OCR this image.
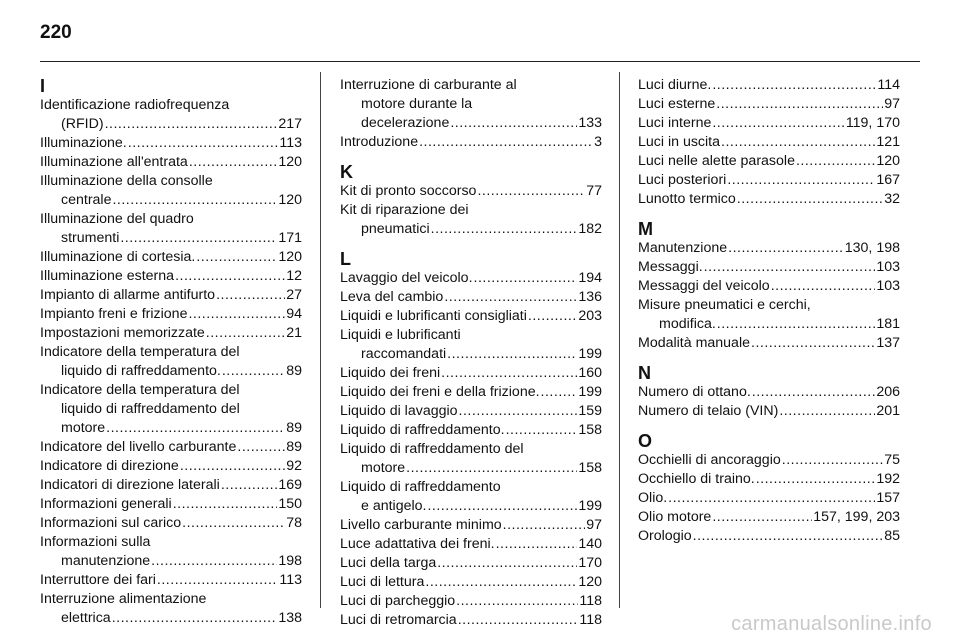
220
I
Identificazione radiofrequenza
(RFID) .....	217
Illuminazione. .....	113
Illuminazione all'entrata .....	120
Illuminazione della consolle
centrale .....	120
Illuminazione del quadro
strumenti .....	171
Illuminazione di cortesia. .....	120
Illuminazione esterna .....	12
Impianto di allarme antifurto .....	27
Impianto freni e frizione .....	94
Impostazioni memorizzate .....	21
Indicatore della temperatura del
liquido di raffreddamento. .....	89
Indicatore della temperatura del
liquido di raffreddamento del
motore .....	89
Indicatore del livello carburante .....	89
Indicatore di direzione .....	92
Indicatori di direzione laterali .....	169
Informazioni generali .....	150
Informazioni sul carico .....	78
Informazioni sulla
manutenzione .....	198
Interruttore dei fari .....	113
Interruzione alimentazione
elettrica .....	138
Interruzione di carburante al
motore durante la
decelerazione .....	133
Introduzione .....	3
K
Kit di pronto soccorso .....	77
Kit di riparazione dei
pneumatici .....	182
L
Lavaggio del veicolo. .....	194
Leva del cambio .....	136
Liquidi e lubrificanti consigliati .....	203
Liquidi e lubrificanti
raccomandati .....	199
Liquido dei freni .....	160
Liquido dei freni e della frizione. .....	199
Liquido di lavaggio .....	159
Liquido di raffreddamento. .....	158
Liquido di raffreddamento del
motore .....	158
Liquido di raffreddamento
e antigelo. .....	199
Livello carburante minimo .....	97
Luce adattativa dei freni. .....	140
Luci della targa .....	170
Luci di lettura .....	120
Luci di parcheggio .....	118
Luci di retromarcia .....	118
Luci diurne. .....	114
Luci esterne .....	97
Luci interne .....	119, 170
Luci in uscita .....	121
Luci nelle alette parasole .....	120
Luci posteriori .....	167
Lunotto termico .....	32
M
Manutenzione .....	130, 198
Messaggi. .....	103
Messaggi del veicolo .....	103
Misure pneumatici e cerchi,
modifica. .....	181
Modalità manuale .....	137
N
Numero di ottano. .....	206
Numero di telaio (VIN) .....	201
O
Occhielli di ancoraggio .....	75
Occhiello di traino. .....	192
Olio. .....	157
Olio motore .....	157, 199, 203
Orologio .....	85
carmanualsonline.info
